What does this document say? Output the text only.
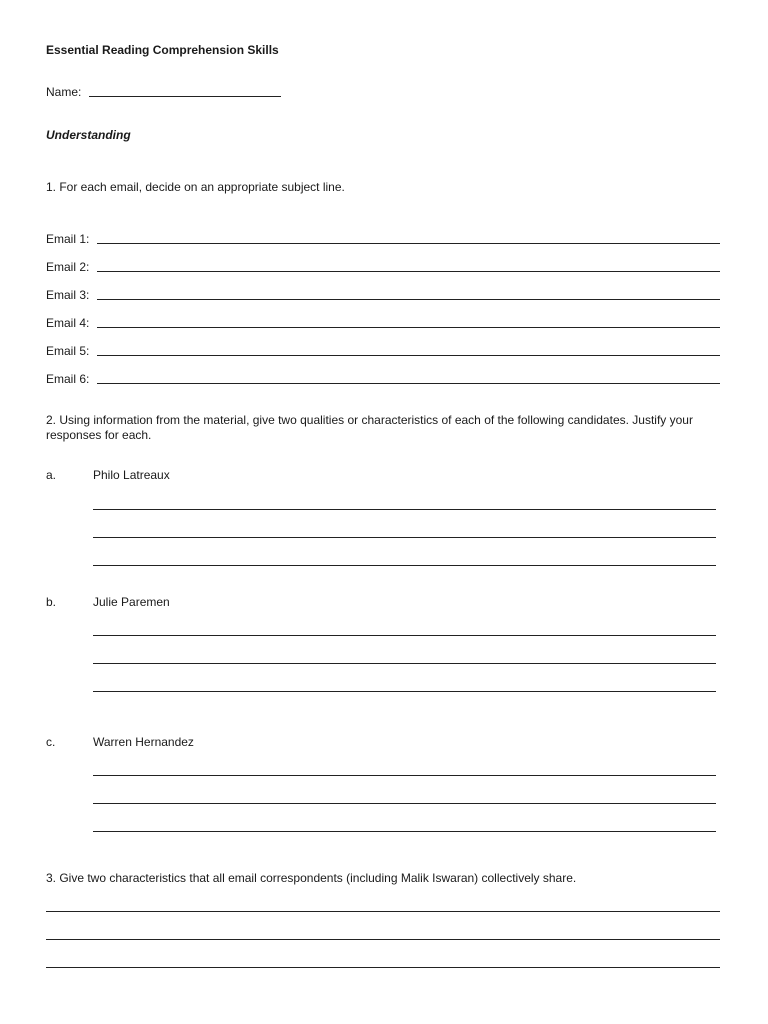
Essential Reading Comprehension Skills
Name:
Understanding
1. For each email, decide on an appropriate subject line.
Email 1:
Email 2:
Email 3:
Email 4:
Email 5:
Email 6:
2. Using information from the material, give two qualities or characteristics of each of the following candidates. Justify your responses for each.
a.	Philo Latreaux
b.	Julie Paremen
c.	Warren Hernandez
3. Give two characteristics that all email correspondents (including Malik Iswaran) collectively share.
